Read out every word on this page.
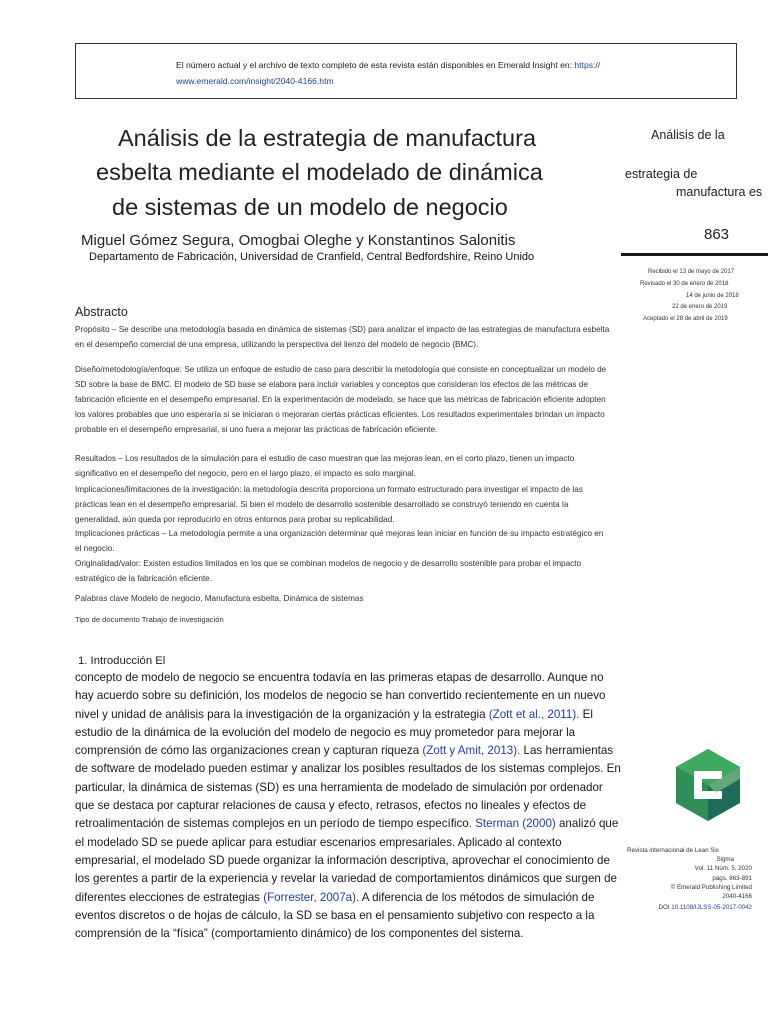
El número actual y el archivo de texto completo de esta revista están disponibles en Emerald Insight en: https://
www.emerald.com/insight/2040-4166.htm
Análisis de la estrategia de manufactura
esbelta mediante el modelado de dinámica
de sistemas de un modelo de negocio
Miguel Gómez Segura, Omogbai Oleghe y Konstantinos Salonitis
Departamento de Fabricación, Universidad de Cranfield, Central Bedfordshire, Reino Unido
Análisis de la
estrategia de
manufactura es
863
Recibido el 13 de mayo de 2017
Revisado el 30 de enero de 2018
14 de junio de 2018
22 de enero de 2019
Aceptado el 28 de abril de 2019
Abstracto
Propósito – Se describe una metodología basada en dinámica de sistemas (SD) para analizar el impacto de las estrategias de manufactura esbelta en el desempeño comercial de una empresa, utilizando la perspectiva del lienzo del modelo de negocio (BMC).
Diseño/metodología/enfoque: Se utiliza un enfoque de estudio de caso para describir la metodología que consiste en conceptualizar un modelo de SD sobre la base de BMC. El modelo de SD base se elabora para incluir variables y conceptos que consideran los efectos de las métricas de fabricación eficiente en el desempeño empresarial. En la experimentación de modelado, se hace que las métricas de fabricación eficiente adopten los valores probables que uno esperaría si se iniciaran o mejoraran ciertas prácticas eficientes. Los resultados experimentales brindan un impacto probable en el desempeño empresarial, si uno fuera a mejorar las prácticas de fabricación eficiente.
Resultados – Los resultados de la simulación para el estudio de caso muestran que las mejoras lean, en el corto plazo, tienen un impacto significativo en el desempeño del negocio, pero en el largo plazo, el impacto es solo marginal.
Implicaciones/limitaciones de la investigación: la metodología descrita proporciona un formato estructurado para investigar el impacto de las prácticas lean en el desempeño empresarial. Si bien el modelo de desarrollo sostenible desarrollado se construyó teniendo en cuenta la generalidad, aún queda por reproducirlo en otros entornos para probar su replicabilidad.
Implicaciones prácticas – La metodología permite a una organización determinar qué mejoras lean iniciar en función de su impacto estratégico en el negocio.
Originalidad/valor: Existen estudios limitados en los que se combinan modelos de negocio y de desarrollo sostenible para probar el impacto estratégico de la fabricación eficiente.
Palabras clave Modelo de negocio, Manufactura esbelta, Dinámica de sistemas
Tipo de documento Trabajo de investigación
1. Introducción El
concepto de modelo de negocio se encuentra todavía en las primeras etapas de desarrollo. Aunque no hay acuerdo sobre su definición, los modelos de negocio se han convertido recientemente en un nuevo nivel y unidad de análisis para la investigación de la organización y la estrategia (Zott et al., 2011). El estudio de la dinámica de la evolución del modelo de negocio es muy prometedor para mejorar la comprensión de cómo las organizaciones crean y capturan riqueza (Zott y Amit, 2013). Las herramientas de software de modelado pueden estimar y analizar los posibles resultados de los sistemas complejos. En particular, la dinámica de sistemas (SD) es una herramienta de modelado de simulación por ordenador que se destaca por capturar relaciones de causa y efecto, retrasos, efectos no lineales y efectos de retroalimentación de sistemas complejos en un período de tiempo específico. Sterman (2000) analizó que el modelado SD se puede aplicar para estudiar escenarios empresariales. Aplicado al contexto empresarial, el modelado SD puede organizar la información descriptiva, aprovechar el conocimiento de los gerentes a partir de la experiencia y revelar la variedad de comportamientos dinámicos que surgen de diferentes elecciones de estrategias (Forrester, 2007a). A diferencia de los métodos de simulación de eventos discretos o de hojas de cálculo, la SD se basa en el pensamiento subjetivo con respecto a la comprensión de la “física” (comportamiento dinámico) de los componentes del sistema.
Revista internacional de Lean Six
Sigma
Vol. 11 Núm. 5, 2020
págs. 863-891
© Emerald Publishing Limited
2040-4166
DOI 10.1108/IJLSS-05-2017-0042
